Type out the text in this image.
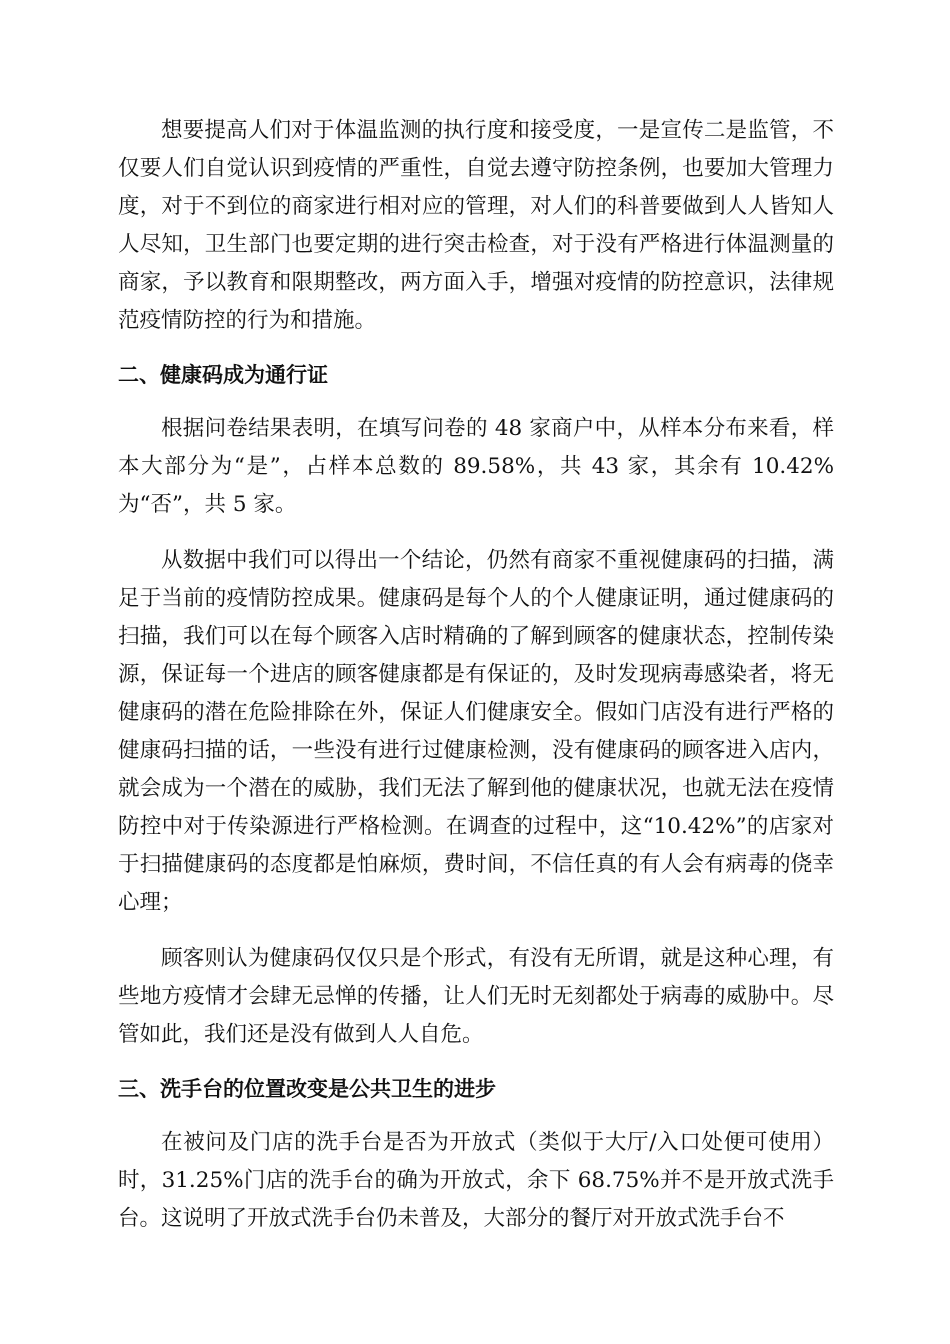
想要提高人们对于体温监测的执行度和接受度，一是宣传二是监管，不仅要人们自觉认识到疫情的严重性，自觉去遵守防控条例，也要加大管理力度，对于不到位的商家进行相对应的管理，对人们的科普要做到人人皆知人人尽知，卫生部门也要定期的进行突击检查，对于没有严格进行体温测量的商家，予以教育和限期整改，两方面入手，增强对疫情的防控意识，法律规范疫情防控的行为和措施。

二、健康码成为通行证

根据问卷结果表明，在填写问卷的 48 家商户中，从样本分布来看，样本大部分为“是”，占样本总数的 89.58%，共 43 家，其余有 10.42% 为“否”，共 5 家。

从数据中我们可以得出一个结论，仍然有商家不重视健康码的扫描，满足于当前的疫情防控成果。健康码是每个人的个人健康证明，通过健康码的扫描，我们可以在每个顾客入店时精确的了解到顾客的健康状态，控制传染源，保证每一个进店的顾客健康都是有保证的，及时发现病毒感染者，将无健康码的潜在危险排除在外，保证人们健康安全。假如门店没有进行严格的健康码扫描的话，一些没有进行过健康检测，没有健康码的顾客进入店内，就会成为一个潜在的威胁，我们无法了解到他的健康状况，也就无法在疫情防控中对于传染源进行严格检测。在调查的过程中，这“10.42%”的店家对于扫描健康码的态度都是怕麻烦，费时间，不信任真的有人会有病毒的侥幸心理；

顾客则认为健康码仅仅只是个形式，有没有无所谓，就是这种心理，有些地方疫情才会肆无忌惮的传播，让人们无时无刻都处于病毒的威胁中。尽管如此，我们还是没有做到人人自危。

三、洗手台的位置改变是公共卫生的进步

在被问及门店的洗手台是否为开放式（类似于大厅/入口处便可使用）时，31.25%门店的洗手台的确为开放式，余下 68.75%并不是开放式洗手台。这说明了开放式洗手台仍未普及，大部分的餐厅对开放式洗手台不
